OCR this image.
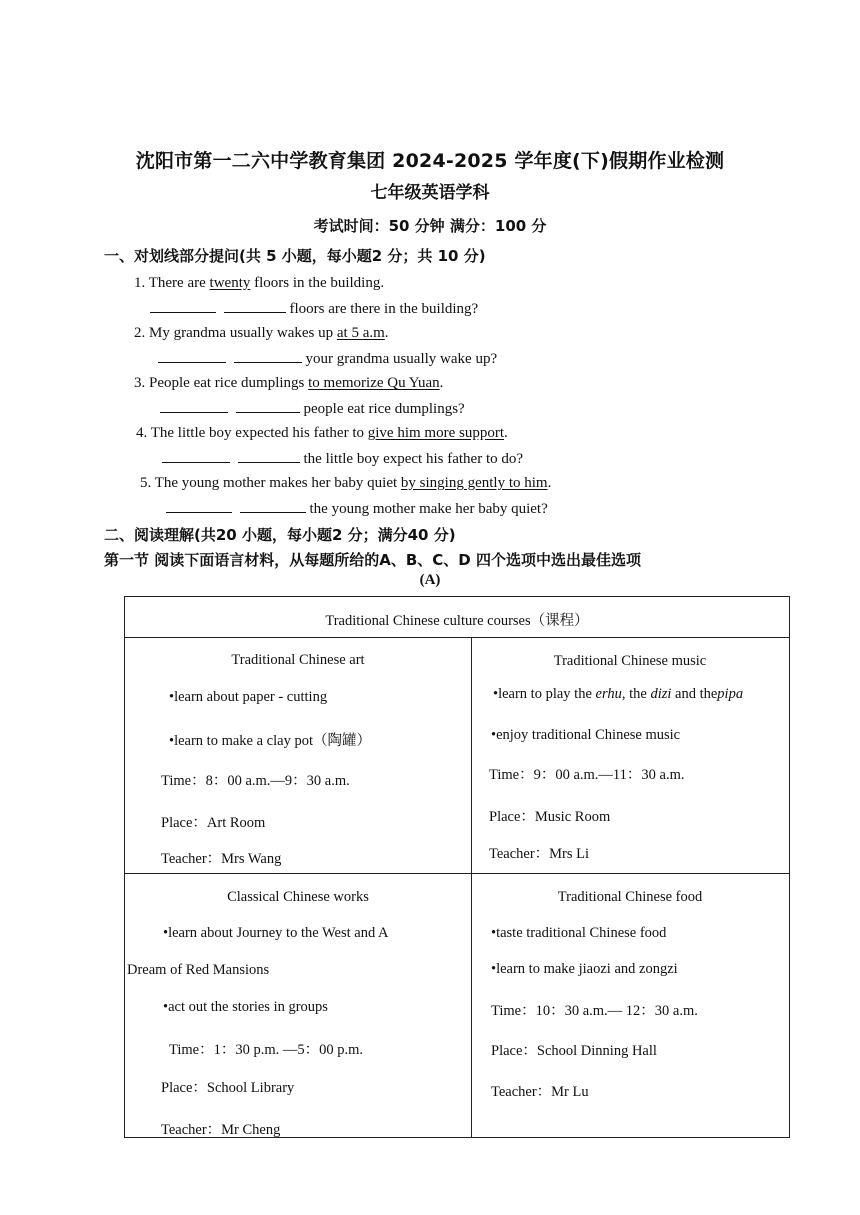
沈阳市第一二六中学教育集团 2024-2025 学年度(下)假期作业检测
七年级英语学科
考试时间：50 分钟 满分：100 分
一、对划线部分提问(共 5 小题，每小题2 分；共 10 分)
1. There are twenty floors in the building.
floors are there in the building?
2. My grandma usually wakes up at 5 a.m.
your grandma usually wake up?
3. People eat rice dumplings to memorize Qu Yuan.
people eat rice dumplings?
4. The little boy expected his father to give him more support.
the little boy expect his father to do?
5. The young mother makes her baby quiet by singing gently to him.
the young mother make her baby quiet?
二、阅读理解(共20 小题，每小题2 分；满分40 分)
第一节 阅读下面语言材料，从每题所给的A、B、C、D 四个选项中选出最佳选项
(A)
Traditional Chinese culture courses（课程）
Traditional Chinese art
•learn about paper - cutting
•learn to make a clay pot（陶罐）
Time：8：00 a.m.—9：30 a.m.
Place：Art Room
Teacher：Mrs Wang
Traditional Chinese music
•learn to play the erhu, the dizi and thepipa
•enjoy traditional Chinese music
Time：9：00 a.m.—11：30 a.m.
Place：Music Room
Teacher：Mrs Li
Classical Chinese works
•learn about Journey to the West and A
Dream of Red Mansions
•act out the stories in groups
Time：1：30 p.m. —5：00 p.m.
Place：School Library
Teacher：Mr Cheng
Traditional Chinese food
•taste traditional Chinese food
•learn to make jiaozi and zongzi
Time：10：30 a.m.— 12：30 a.m.
Place：School Dinning Hall
Teacher：Mr Lu
